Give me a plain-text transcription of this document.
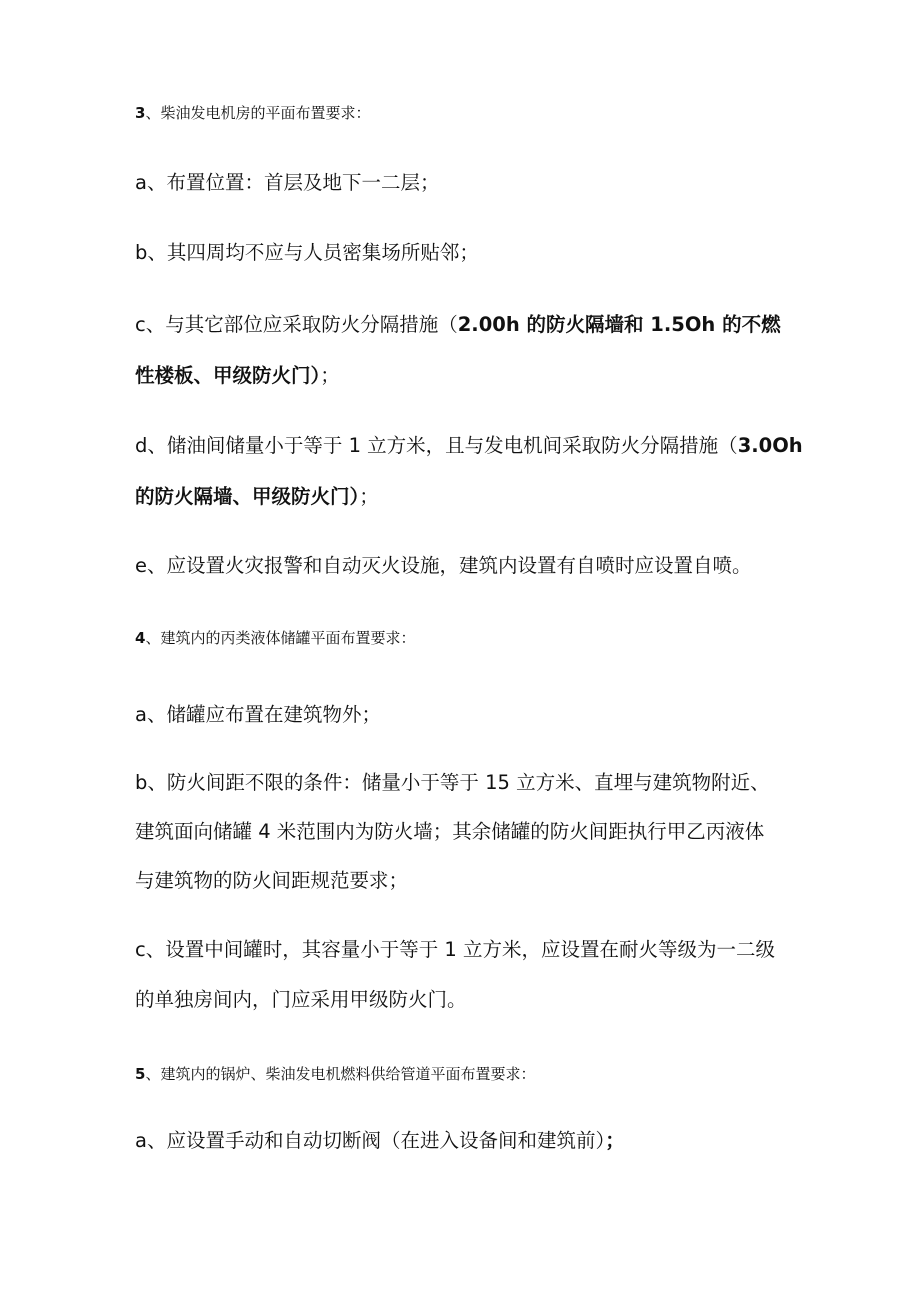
3、柴油发电机房的平面布置要求：
a、布置位置：首层及地下一二层；
b、其四周均不应与人员密集场所贴邻；
c、与其它部位应采取防火分隔措施（2.00h 的防火隔墙和 1.5Oh 的不燃
性楼板、甲级防火门）；
d、储油间储量小于等于 1 立方米，且与发电机间采取防火分隔措施（3.0Oh
的防火隔墙、甲级防火门）；
e、应设置火灾报警和自动灭火设施，建筑内设置有自喷时应设置自喷。
4、建筑内的丙类液体储罐平面布置要求：
a、储罐应布置在建筑物外；
b、防火间距不限的条件：储量小于等于 15 立方米、直埋与建筑物附近、
建筑面向储罐 4 米范围内为防火墙；其余储罐的防火间距执行甲乙丙液体
与建筑物的防火间距规范要求；
c、设置中间罐时，其容量小于等于 1 立方米，应设置在耐火等级为一二级
的单独房间内，门应采用甲级防火门。
5、建筑内的锅炉、柴油发电机燃料供给管道平面布置要求：
a、应设置手动和自动切断阀（在进入设备间和建筑前）；
